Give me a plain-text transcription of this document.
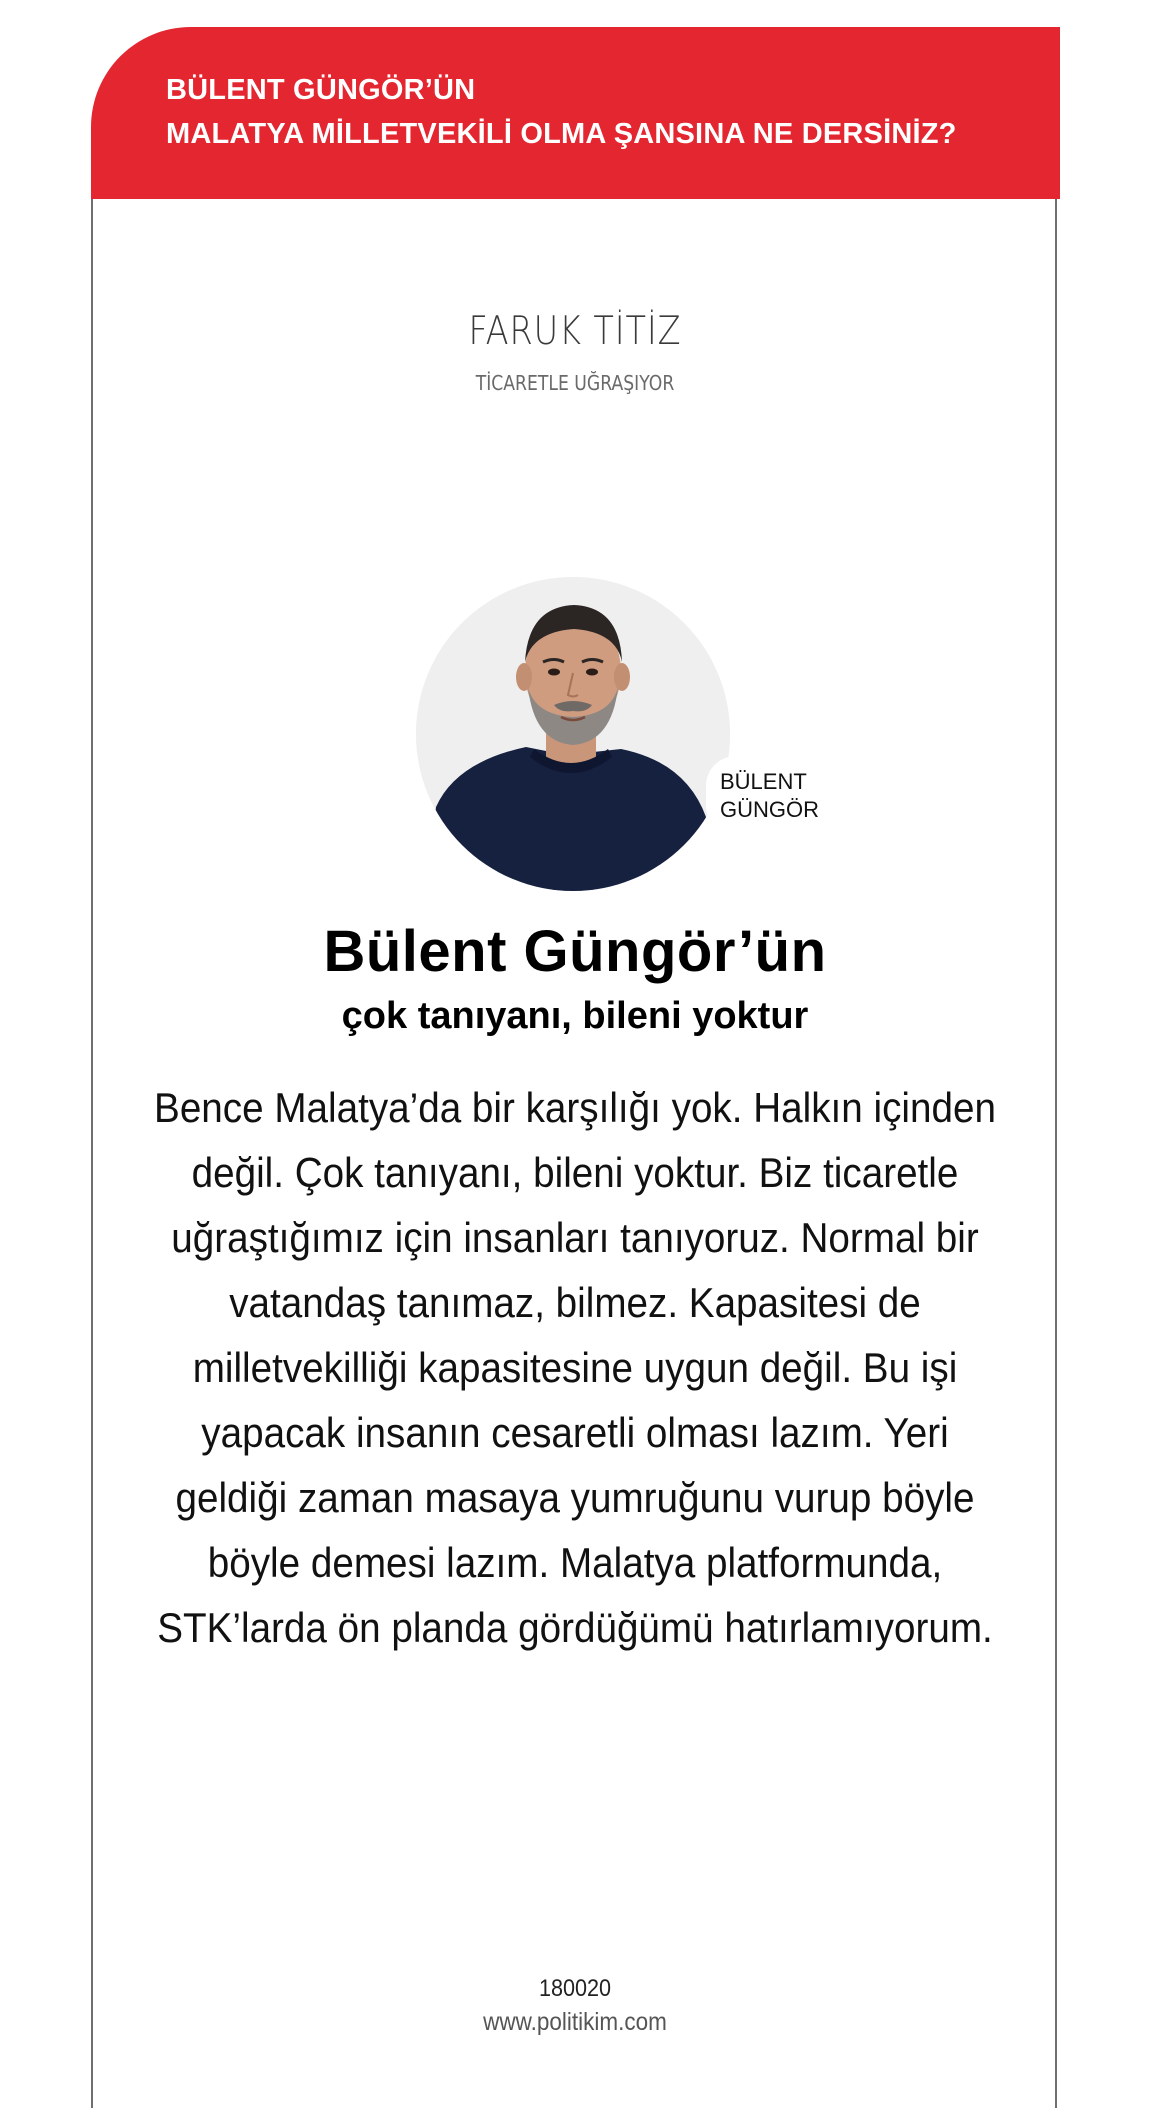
BÜLENT GÜNGÖR’ÜN
MALATYA MİLLETVEKİLİ OLMA ŞANSINA NE DERSİNİZ?
FARUK TİTİZ
TİCARETLE UĞRAŞIYOR
BÜLENT
GÜNGÖR
Bülent Güngör’ün
çok tanıyanı, bileni yoktur
Bence Malatya’da bir karşılığı yok. Halkın içinden
değil. Çok tanıyanı, bileni yoktur. Biz ticaretle
uğraştığımız için insanları tanıyoruz. Normal bir
vatandaş tanımaz, bilmez. Kapasitesi de
milletvekilliği kapasitesine uygun değil. Bu işi
yapacak insanın cesaretli olması lazım. Yeri
geldiği zaman masaya yumruğunu vurup böyle
böyle demesi lazım. Malatya platformunda,
STK’larda ön planda gördüğümü hatırlamıyorum.
180020
www.politikim.com
